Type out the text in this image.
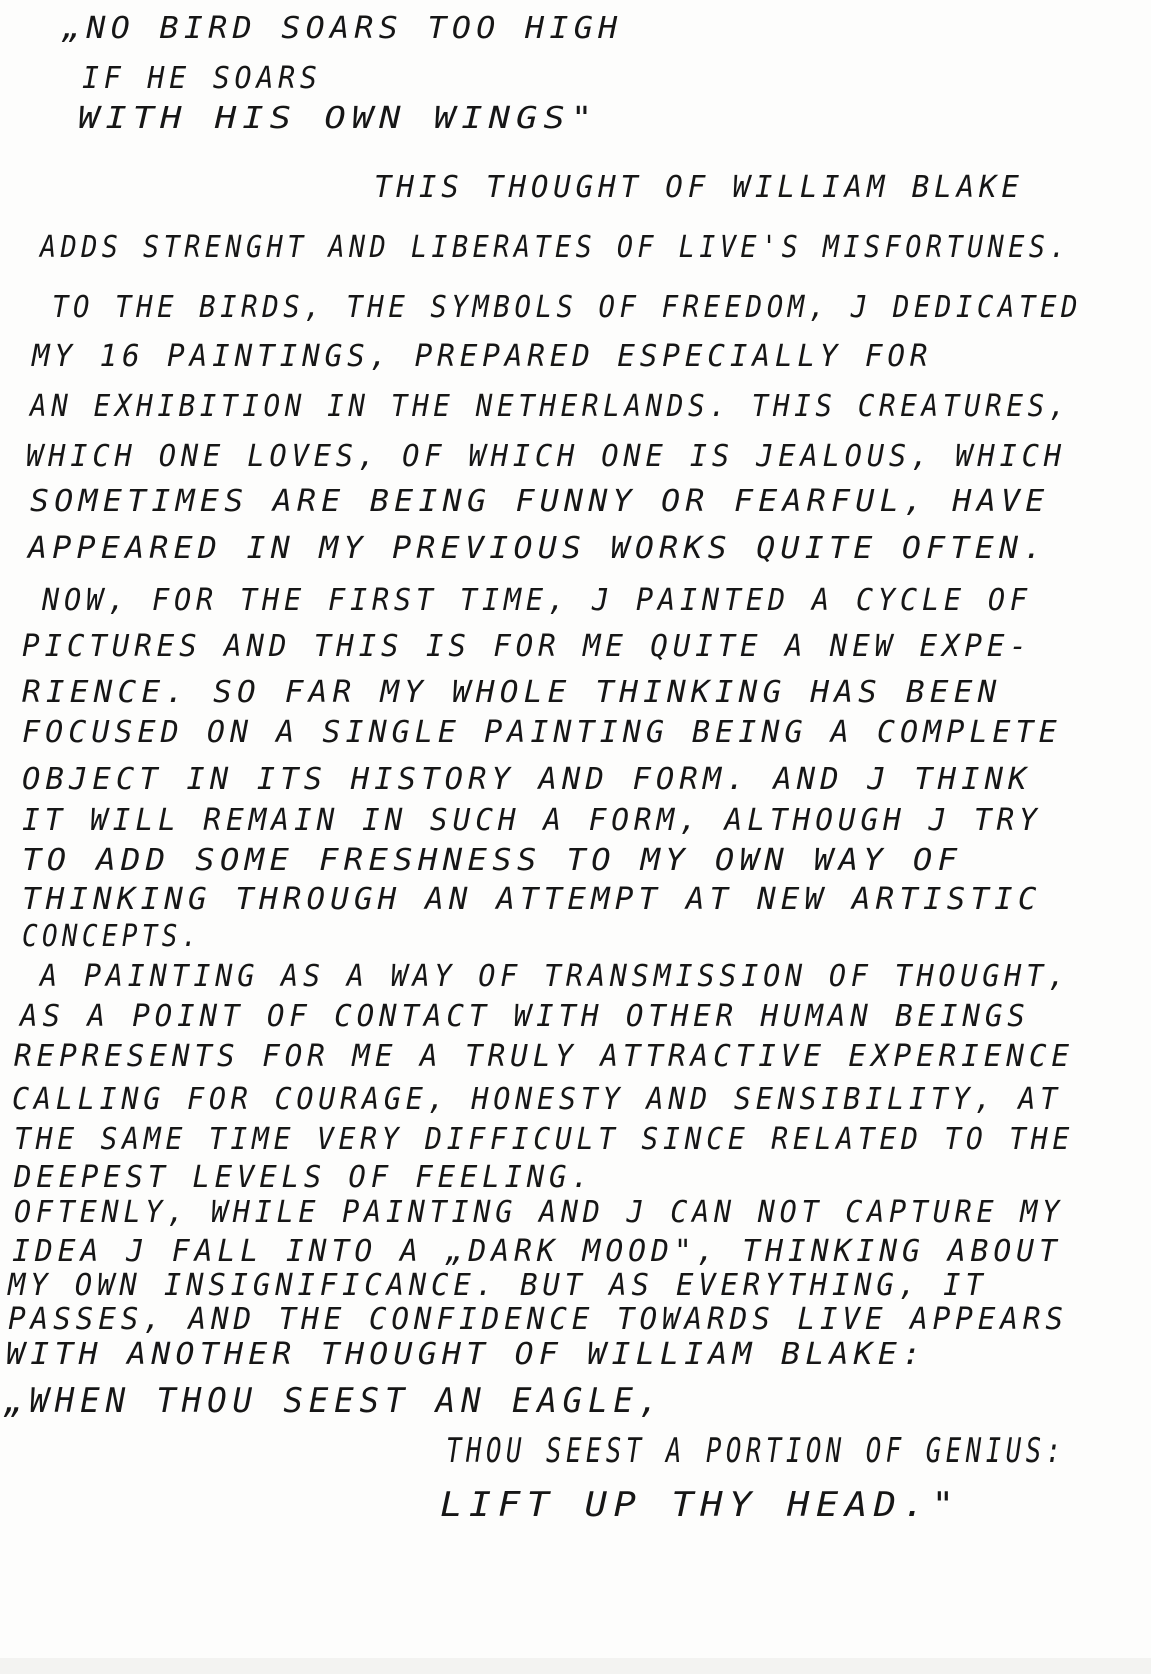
„NO BIRD SOARS TOO HIGH
IF HE SOARS
WITH HIS OWN WINGS"
THIS THOUGHT OF WILLIAM BLAKE
ADDS STRENGHT AND LIBERATES OF LIVE'S MISFORTUNES.
TO THE BIRDS, THE SYMBOLS OF FREEDOM, J DEDICATED
MY 16 PAINTINGS, PREPARED ESPECIALLY FOR
AN EXHIBITION IN THE NETHERLANDS. THIS CREATURES,
WHICH ONE LOVES, OF WHICH ONE IS JEALOUS, WHICH
SOMETIMES ARE BEING FUNNY OR FEARFUL, HAVE
APPEARED IN MY PREVIOUS WORKS QUITE OFTEN.
NOW, FOR THE FIRST TIME, J PAINTED A CYCLE OF
PICTURES AND THIS IS FOR ME QUITE A NEW EXPE-
RIENCE. SO FAR MY WHOLE THINKING HAS BEEN
FOCUSED ON A SINGLE PAINTING BEING A COMPLETE
OBJECT IN ITS HISTORY AND FORM. AND J THINK
IT WILL REMAIN IN SUCH A FORM, ALTHOUGH J TRY
TO ADD SOME FRESHNESS TO MY OWN WAY OF
THINKING THROUGH AN ATTEMPT AT NEW ARTISTIC
CONCEPTS.
A PAINTING AS A WAY OF TRANSMISSION OF THOUGHT,
AS A POINT OF CONTACT WITH OTHER HUMAN BEINGS
REPRESENTS FOR ME A TRULY ATTRACTIVE EXPERIENCE
CALLING FOR COURAGE, HONESTY AND SENSIBILITY, AT
THE SAME TIME VERY DIFFICULT SINCE RELATED TO THE
DEEPEST LEVELS OF FEELING.
OFTENLY, WHILE PAINTING AND J CAN NOT CAPTURE MY
IDEA J FALL INTO A „DARK MOOD", THINKING ABOUT
MY OWN INSIGNIFICANCE. BUT AS EVERYTHING, IT
PASSES, AND THE CONFIDENCE TOWARDS LIVE APPEARS
WITH ANOTHER THOUGHT OF WILLIAM BLAKE:
„WHEN THOU SEEST AN EAGLE,
THOU SEEST A PORTION OF GENIUS:
LIFT UP THY HEAD."
